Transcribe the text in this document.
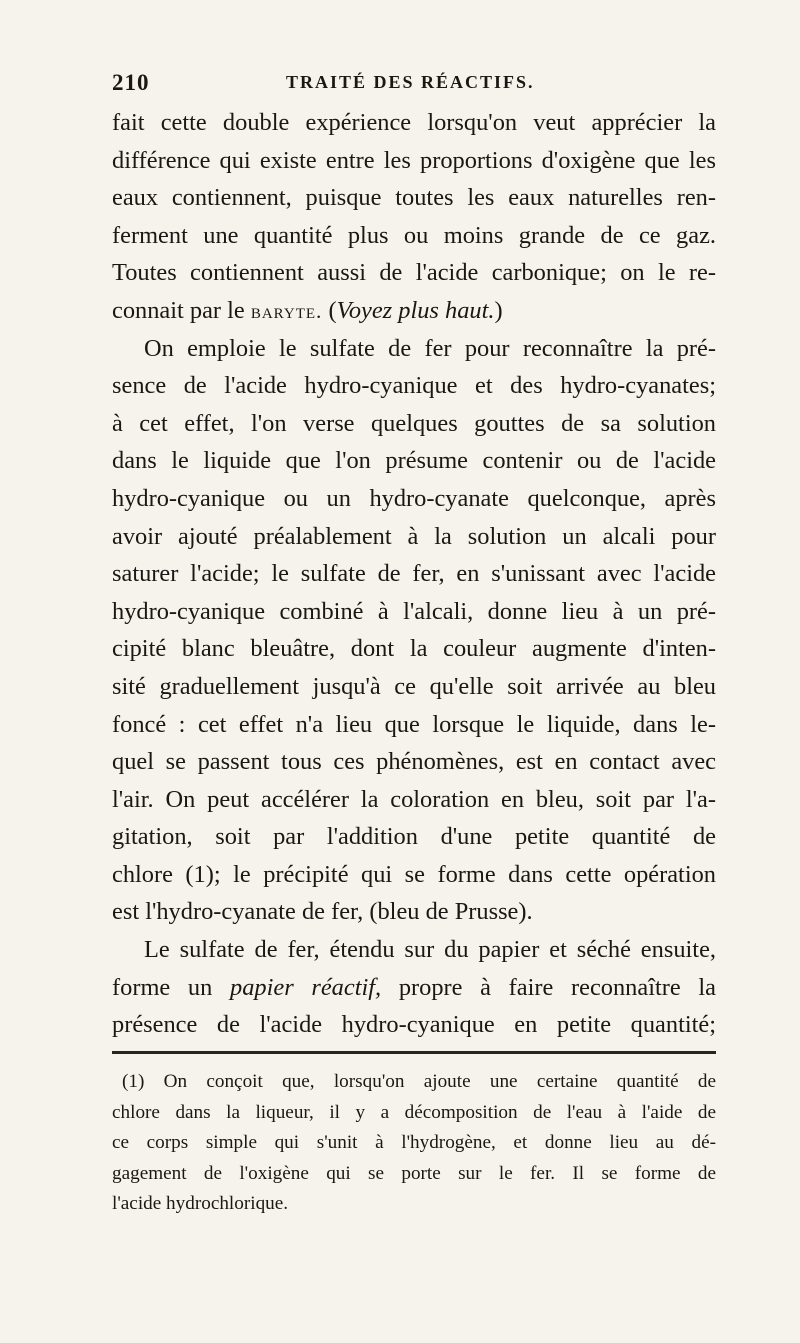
210	TRAITÉ DES RÉACTIFS.
fait cette double expérience lorsqu'on veut apprécier la
différence qui existe entre les proportions d'oxigène que les
eaux contiennent, puisque toutes les eaux naturelles ren-
ferment une quantité plus ou moins grande de ce gaz.
Toutes contiennent aussi de l'acide carbonique; on le re-
connait par le baryte. (Voyez plus haut.)
On emploie le sulfate de fer pour reconnaître la pré-
sence de l'acide hydro-cyanique et des hydro-cyanates;
à cet effet, l'on verse quelques gouttes de sa solution
dans le liquide que l'on présume contenir ou de l'acide
hydro-cyanique ou un hydro-cyanate quelconque, après
avoir ajouté préalablement à la solution un alcali pour
saturer l'acide; le sulfate de fer, en s'unissant avec l'acide
hydro-cyanique combiné à l'alcali, donne lieu à un pré-
cipité blanc bleuâtre, dont la couleur augmente d'inten-
sité graduellement jusqu'à ce qu'elle soit arrivée au bleu
foncé : cet effet n'a lieu que lorsque le liquide, dans le-
quel se passent tous ces phénomènes, est en contact avec
l'air. On peut accélérer la coloration en bleu, soit par l'a-
gitation, soit par l'addition d'une petite quantité de
chlore (1); le précipité qui se forme dans cette opération
est l'hydro-cyanate de fer, (bleu de Prusse).
Le sulfate de fer, étendu sur du papier et séché ensuite,
forme un papier réactif, propre à faire reconnaître la
présence de l'acide hydro-cyanique en petite quantité;
(1) On conçoit que, lorsqu'on ajoute une certaine quantité de
chlore dans la liqueur, il y a décomposition de l'eau à l'aide de
ce corps simple qui s'unit à l'hydrogène, et donne lieu au dé-
gagement de l'oxigène qui se porte sur le fer. Il se forme de
l'acide hydrochlorique.
